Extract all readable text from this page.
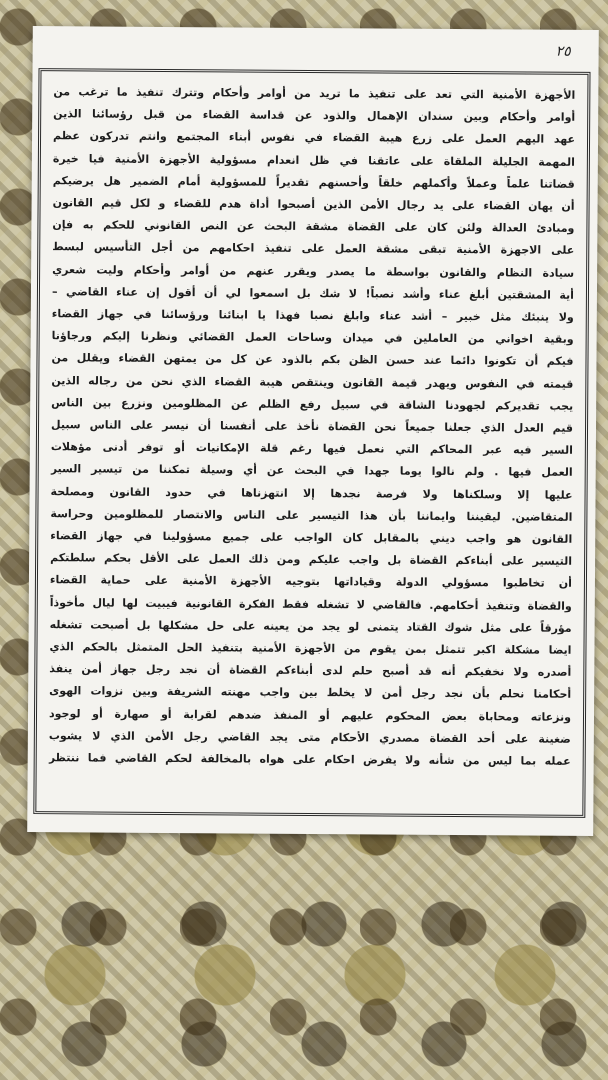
٢٥

الأجهزة الأمنية التي تعد على تنفيذ ما تريد من أوامر وأحكام وتترك تنفيذ ما ترغب من
أوامر وأحكام وبين سندان الإهمال والذود عن قداسة القضاء من قبل رؤسائنا الذين
عهد اليهم العمل على زرع هيبة القضاء في نفوس أبناء المجتمع وانتم تدركون عظم
المهمة الجليلة الملقاة على عاتقنا في ظل انعدام مسؤولية الأجهزة الأمنية فيا خيرة
قضاتنا علماً وعملاً وأكملهم خلقاً وأحسنهم تقديراً للمسؤولية أمام الضمير هل يرضيكم
أن يهان القضاء على يد رجال الأمن الذين أصبحوا أداة هدم للقضاء و لكل قيم القانون
ومبادئ العدالة ولئن كان على القضاة مشقة البحث عن النص القانوني للحكم به فإن
على الاجهزة الأمنية تبقى مشقة العمل على تنفيذ احكامهم من أجل التأسيس لبسط
سيادة النظام والقانون بواسطة ما يصدر ويقرر عنهم من أوامر وأحكام وليت شعري
أية المشقتين أبلغ عناء وأشد نصباً! لا شك بل اسمعوا لي أن أقول إن عناء القاضي –
ولا ينبئك مثل خبير – أشد عناء وابلغ نصبا فهذا يا ابنائنا ورؤسائنا في جهاز القضاء
وبقية اخواني من العاملين في ميدان وساحات العمل القضائي ونظرنا إليكم ورجاؤنا
فيكم أن تكونوا دائما عند حسن الظن بكم بالذود عن كل من يمتهن القضاء ويقلل من
قيمته في النفوس ويهدر قيمة القانون وينتقص هيبة القضاء الذي نحن من رجاله الذين
يجب تقديركم لجهودنا الشاقة في سبيل رفع الظلم عن المظلومين ونزرع بين الناس
قيم العدل الذي جعلنا جميعاً نحن القضاة نأخذ على أنفسنا أن نيسر على الناس سبيل
السير فيه عبر المحاكم التي نعمل فيها رغم قلة الإمكانيات أو توفر أدنى مؤهلات
العمل فيها . ولم نالوا يوما جهدا في البحث عن أي وسيلة تمكننا من تيسير السير
عليها إلا وسلكناها ولا فرصة نجدها إلا انتهزناها في حدود القانون ومصلحة
المتقاضين. ليقيننا وايماننا بأن هذا التيسير على الناس والانتصار للمظلومين وحراسة
القانون هو واجب ديني بالمقابل كان الواجب على جميع مسؤولينا في جهاز القضاء
التيسير على أبناءكم القضاة بل واجب عليكم ومن ذلك العمل على الأقل بحكم سلطتكم
أن تخاطبوا مسؤولي الدولة وقياداتها بتوجيه الأجهزة الأمنية على حماية القضاء
والقضاة وتنفيذ أحكامهم. فالقاضي لا تشغله فقط الفكرة القانونية فيبيت لها ليال مأخوذاً
مؤرقاً على مثل شوك القتاد يتمنى لو يجد من يعينه على حل مشكلها بل أصبحت تشغله
ايضا مشكلة اكبر تتمثل بمن يقوم من الأجهزة الأمنية بتنفيذ الحل المتمثل بالحكم الذي
أصدره ولا نخفيكم أنه قد أصبح حلم لدى أبناءكم القضاة أن نجد رجل جهاز أمن ينفذ
أحكامنا نحلم بأن نجد رجل أمن لا يخلط بين واجب مهنته الشريفة وبين نزوات الهوى
ونزعاته ومحاباة بعض المحكوم عليهم أو المنفذ ضدهم لقرابة أو صهارة أو لوجود
ضغينة على أحد القضاة مصدري الأحكام متى يجد القاضي رجل الأمن الذي لا يشوب
عمله بما ليس من شأنه ولا يفرض احكام على هواه بالمخالفة لحكم القاضي فما ننتظر
